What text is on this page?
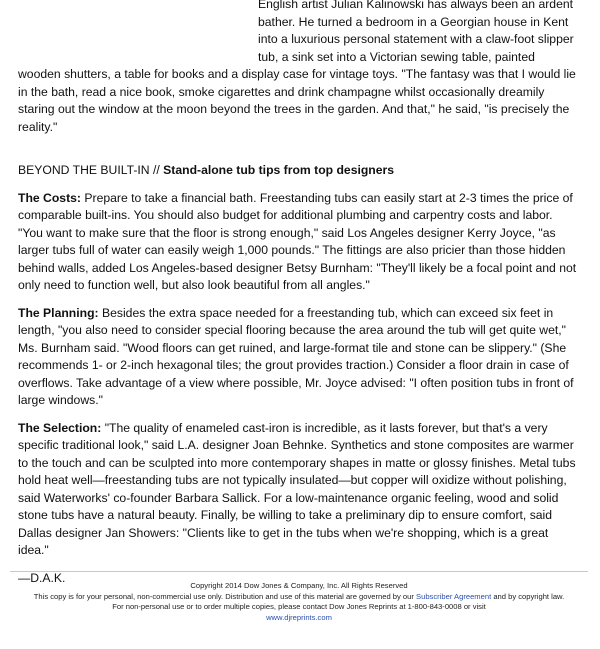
English artist Julian Kalinowski has always been an ardent bather. He turned a bedroom in a Georgian house in Kent into a luxurious personal statement with a claw-foot slipper tub, a sink set into a Victorian sewing table, painted wooden shutters, a table for books and a display case for vintage toys. "The fantasy was that I would lie in the bath, read a nice book, smoke cigarettes and drink champagne whilst occasionally dreamily staring out the window at the moon beyond the trees in the garden. And that," he said, "is precisely the reality."

BEYOND THE BUILT-IN // Stand-alone tub tips from top designers

The Costs: Prepare to take a financial bath. Freestanding tubs can easily start at 2-3 times the price of comparable built-ins. You should also budget for additional plumbing and carpentry costs and labor. "You want to make sure that the floor is strong enough," said Los Angeles designer Kerry Joyce, "as larger tubs full of water can easily weigh 1,000 pounds." The fittings are also pricier than those hidden behind walls, added Los Angeles-based designer Betsy Burnham: "They'll likely be a focal point and not only need to function well, but also look beautiful from all angles."

The Planning: Besides the extra space needed for a freestanding tub, which can exceed six feet in length, "you also need to consider special flooring because the area around the tub will get quite wet," Ms. Burnham said. "Wood floors can get ruined, and large-format tile and stone can be slippery." (She recommends 1- or 2-inch hexagonal tiles; the grout provides traction.) Consider a floor drain in case of overflows. Take advantage of a view where possible, Mr. Joyce advised: "I often position tubs in front of large windows."

The Selection: "The quality of enameled cast-iron is incredible, as it lasts forever, but that's a very specific traditional look," said L.A. designer Joan Behnke. Synthetics and stone composites are warmer to the touch and can be sculpted into more contemporary shapes in matte or glossy finishes. Metal tubs hold heat well—freestanding tubs are not typically insulated—but copper will oxidize without polishing, said Waterworks' co-founder Barbara Sallick. For a low-maintenance organic feeling, wood and solid stone tubs have a natural beauty. Finally, be willing to take a preliminary dip to ensure comfort, said Dallas designer Jan Showers: "Clients like to get in the tubs when we're shopping, which is a great idea."

—D.A.K.
Copyright 2014 Dow Jones & Company, Inc. All Rights Reserved
This copy is for your personal, non-commercial use only. Distribution and use of this material are governed by our Subscriber Agreement and by copyright law.
For non-personal use or to order multiple copies, please contact Dow Jones Reprints at 1-800-843-0008 or visit
www.djreprints.com
